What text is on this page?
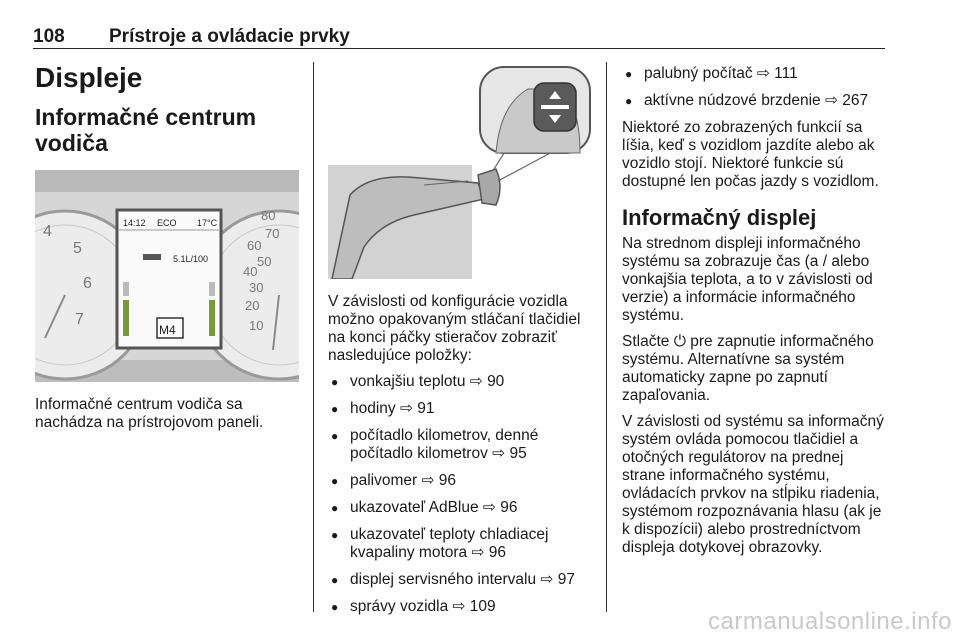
108 Prístroje a ovládacie prvky
Displeje
Informačné centrum vodiča
4
5
6
7
80
70
60
50
40
30
20
10
14:12 ECO 17°C
5.1L/100
M4

Informačné centrum vodiča sa nachádza na prístrojovom paneli.

V závislosti od konfigurácie vozidla možno opakovaným stláčaní tlačidiel na konci páčky stieračov zobraziť nasledujúce položky:

● vonkajšiu teplotu ⇨ 90
● hodiny ⇨ 91
● počítadlo kilometrov, denné počítadlo kilometrov ⇨ 95
● palivomer ⇨ 96
● ukazovateľ AdBlue ⇨ 96
● ukazovateľ teploty chladiacej kvapaliny motora ⇨ 96
● displej servisného intervalu ⇨ 97
● správy vozidla ⇨ 109
● palubný počítač ⇨ 111
● aktívne núdzové brzdenie ⇨ 267

Niektoré zo zobrazených funkcií sa líšia, keď s vozidlom jazdíte alebo ak vozidlo stojí. Niektoré funkcie sú dostupné len počas jazdy s vozidlom.

Informačný displej

Na strednom displeji informačného systému sa zobrazuje čas (a / alebo vonkajšia teplota, a to v závislosti od verzie) a informácie informačného systému.

Stlačte ⏻ pre zapnutie informačného systému. Alternatívne sa systém automaticky zapne po zapnutí zapaľovania.

V závislosti od systému sa informačný systém ovláda pomocou tlačidiel a otočných regulátorov na prednej strane informačného systému, ovládacích prvkov na stĺpiku riadenia, systémom rozpoznávania hlasu (ak je k dispozícii) alebo prostredníctvom displeja dotykovej obrazovky.

carmanualsonline.info
